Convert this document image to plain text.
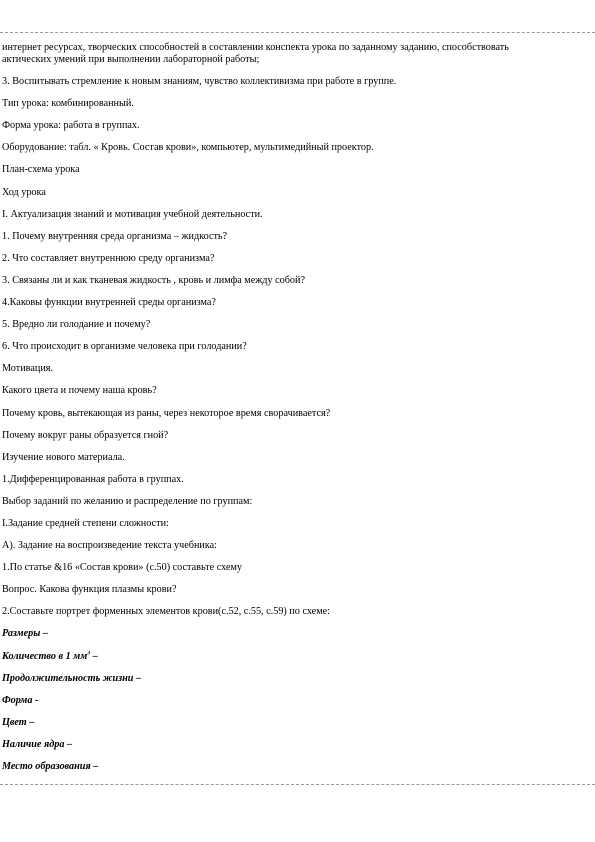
интернет ресурсах, творческих способностей в составлении конспекта урока по заданному заданию, способствовать
актических умений при выполнении лабораторной работы;
3. Воспитывать стремление к новым знаниям, чувство коллективизма при работе в группе.
Тип урока: комбинированный.
Форма урока: работа в группах.
Оборудование: табл. « Кровь. Состав крови», компьютер, мультимедийный проектор.
План-схема урока
Ход урока
I. Актуализация знаний и мотивация учебной деятельности.
1. Почему внутренняя среда организма – жидкость?
2. Что составляет внутреннюю среду организма?
3. Связаны ли и как тканевая жидкость , кровь и лимфа между собой?
4.Каковы функции внутренней среды организма?
5. Вредно ли голодание и почему?
6. Что происходит в организме человека при голодании?
Мотивация.
Какого цвета и почему наша кровь?
Почему кровь, вытекающая из раны, через некоторое время сворачивается?
Почему вокруг раны образуется гной?
Изучение нового материала.
1.Дифференцированная работа в группах.
Выбор заданий по желанию и распределение по группам:
I.Задание средней степени сложности:
А). Задание на воспроизведение текста учебника:
1.По статье &16 «Состав крови» (с.50) составьте схему
Вопрос. Какова функция плазмы крови?
2.Составьте портрет форменных элементов крови(с.52, с.55, с.59) по схеме:
Размеры –
Количество в 1 $мм^3$ –
Продолжительность жизни –
Форма -
Цвет –
Наличие ядра –
Место образования –
